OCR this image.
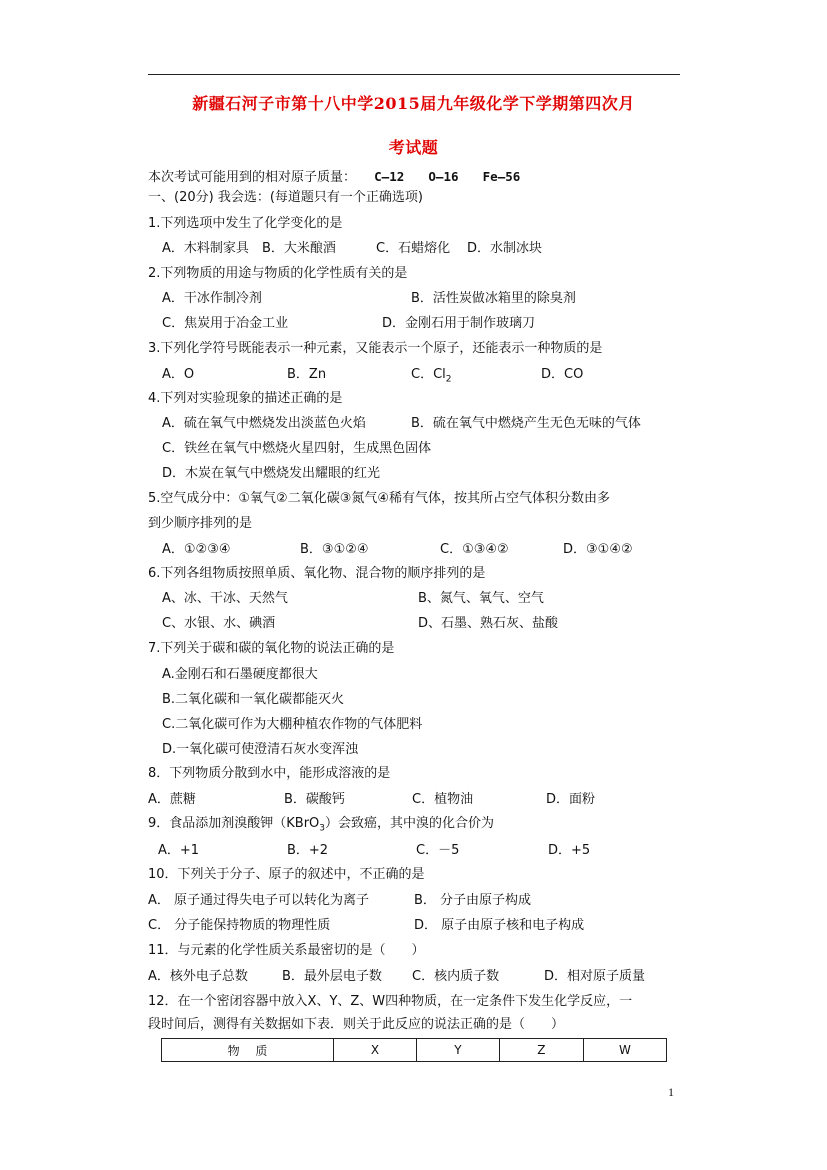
新疆石河子市第十八中学2015届九年级化学下学期第四次月
考试题
本次考试可能用到的相对原子质量： C—12 O—16 Fe—56
一、(20分) 我会选：(每道题只有一个正确选项)
1.下列选项中发生了化学变化的是
A．木料制家具 B．大米酿酒	C．石蜡熔化 D．水制冰块
2.下列物质的用途与物质的化学性质有关的是
A．干冰作制冷剂	B．活性炭做冰箱里的除臭剂
C．焦炭用于冶金工业	D．金刚石用于制作玻璃刀
3.下列化学符号既能表示一种元素，又能表示一个原子，还能表示一种物质的是
A．O	B．Zn	C．$Cl_2$	D．CO
4.下列对实验现象的描述正确的是
A．硫在氧气中燃烧发出淡蓝色火焰	B．硫在氧气中燃烧产生无色无味的气体
C．铁丝在氧气中燃烧火星四射，生成黑色固体
D．木炭在氧气中燃烧发出耀眼的红光
5.空气成分中：①氧气②二氧化碳③氮气④稀有气体，按其所占空气体积分数由多
到少顺序排列的是
A．①②③④	B．③①②④	C．①③④②	D．③①④②
6.下列各组物质按照单质、氧化物、混合物的顺序排列的是
A、冰、干冰、天然气	B、氮气、氧气、空气
C、水银、水、碘酒	D、石墨、熟石灰、盐酸
7.下列关于碳和碳的氧化物的说法正确的是
A.金刚石和石墨硬度都很大
B.二氧化碳和一氧化碳都能灭火
C.二氧化碳可作为大棚种植农作物的气体肥料
D.一氧化碳可使澄清石灰水变浑浊
8．下列物质分散到水中，能形成溶液的是
A．蔗糖	B．碳酸钙	C．植物油	D．面粉
9．食品添加剂溴酸钾（KBrO$_3$）会致癌，其中溴的化合价为
A．+1	B．+2	C．－5	D．+5
10．下列关于分子、原子的叙述中，不正确的是
A． 原子通过得失电子可以转化为离子	B． 分子由原子构成
C． 分子能保持物质的物理性质	D． 原子由原子核和电子构成
11．与元素的化学性质关系最密切的是（　　）
A．核外电子总数	B．最外层电子数 C．核内质子数	D．相对原子质量
12．在一个密闭容器中放入X、Y、Z、W四种物质，在一定条件下发生化学反应，一
段时间后，测得有关数据如下表．则关于此反应的说法正确的是（　　）
物　 质	X	Y	Z	W
1
